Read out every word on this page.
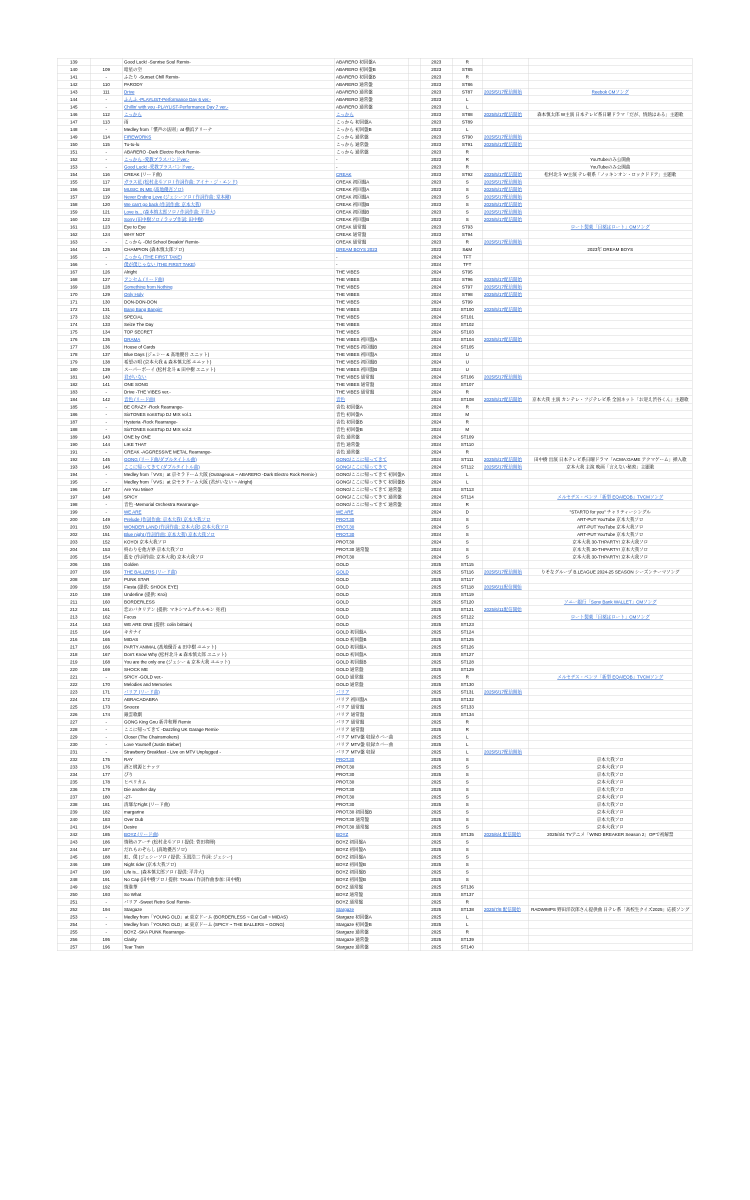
139		Good Luck! -Sunrise Soul Remix-	ABARERO 初回盤A		2023	R		
140	109	暗星の空	ABARERO 初回盤B		2023	ST85		
141	-	ふたり -Sunset Chill Remix-	ABARERO 初回盤B		2023	R		
142	110	PARODY	ABARERO 通常盤		2023	ST86		
143	111	Drive	ABARERO 通常盤		2023	ST87	2025/5/17配信開始	Reebok CMソング
144	-	ふんふ -PLAYLIST-Performance Day 6 ver.-	ABARERO 通常盤		2023	L		
145	-	Chillin' with you -PLAYLIST-Performance Day 7 ver.-	ABARERO 通常盤		2023	L		
146	112	こっから	こっから		2023	ST88	2025/5/17配信開始	森本慎太郎 W主演 日本テレビ系日曜ドラマ「だが、情熱はある」主題歌
147	113	雨	こっから 初回盤A		2023	ST89		
148	-	Medley from「慣声の法則」at 横浜アリーナ	こっから 初回盤B		2023	L		
149	114	FIREWORKS	こっから 通常盤		2023	ST90	2025/5/17配信開始	
150	115	Tu-tu-lu	こっから 通常盤		2023	ST91	2025/5/17配信開始	
151	-	ABARERO -Dark Electro Rock Remix-	こっから 通常盤		2023	R		
152	-	こっから -愛教ブラスバンドver.-	-		2023	R		YouTubeのみ公開曲
153	-	Good Luck! -愛教ブラスバンドver.-	-		2023	R		YouTubeのみ公開曲
154	116	CREAK (リード曲)	CREAK		2023	ST92	2025/5/17配信開始	松村北斗 W主演 テレ朝系「ノッキンオン・ロックドドア」主題歌
155	117	ガラス花 (松村北斗ソロ / 作詞作曲: アイナ・ジ・エンド)	CREAK 初回盤A		2023	S	2025/5/17配信開始	
156	118	MUSIC IN ME (髙地優吾ソロ)	CREAK 初回盤A		2023	S	2025/5/17配信開始	
157	119	Never Ending Love (ジェシーソロ / 作詞作曲: 堂本剛)	CREAK 初回盤A		2023	S	2025/5/17配信開始	
158	120	We can't go back (作詞作曲: 京本大我)	CREAK 初回盤B		2023	S	2025/5/17配信開始	
159	121	Love is... (森本慎太郎ソロ / 作詞作曲: 平井大)	CREAK 初回盤B		2023	S	2025/5/17配信開始	
160	122	Sorry (田中樹ソロ / ラップ作詞: 田中樹)	CREAK 初回盤B		2023	S	2025/5/17配信開始	
161	123	Eye to Eye	CREAK 通常盤		2023	ST93		ロート製薬「目薬はロート」CMソング
162	124	WHY NOT	CREAK 通常盤		2023	ST94		
163	-	こっから -Old School Breakin' Remix-	CREAK 通常盤		2023	R	2025/5/17配信開始	
164	125	CHAMPION (森本慎太郎ソロ)	DREAM BOYS 2023		2023	S&M		2023年 DREAM BOYS
165	-	こっから (THE FIRST TAKE)	-		2024	TFT		
166	-	僕が僕じゃない (THE FIRST TAKE)	-		2024	TFT		
167	126	Alright	THE VIBES		2024	ST95		
168	127	アンセム (リード曲)	THE VIBES		2024	ST96	2025/5/17配信開始	
169	128	Something from Nothing	THE VIBES		2024	ST97	2025/5/17配信開始	
170	129	Only Holy	THE VIBES		2024	ST98	2025/5/17配信開始	
171	130	DON-DON-DON	THE VIBES		2024	ST99		
172	131	Bang Bang Bangin'	THE VIBES		2024	ST100	2025/5/17配信開始	
173	132	SPECIAL	THE VIBES		2024	ST101		
174	133	Seize The Day	THE VIBES		2024	ST102		
175	134	TOP SECRET	THE VIBES		2024	ST103		
176	135	DRAMA	THE VIBES 初回盤A		2024	ST104	2025/5/17配信開始	
177	136	House of Cards	THE VIBES 初回盤B		2024	ST105		
178	137	Blue Days (ジェシー & 髙地優吾 ユニット)	THE VIBES 初回盤A		2024	U		
179	138	希望の唄 (京本大我 & 森本慎太郎 ユニット)	THE VIBES 初回盤B		2024	U		
180	139	スーパーボーイ (松村北斗 & 田中樹 ユニット)	THE VIBES 初回盤B		2024	U		
181	140	君がいない	THE VIBES 通常盤		2024	ST106	2025/5/17配信開始	
182	141	ONE SONG	THE VIBES 通常盤		2024	ST107		
183	-	Drive -THE VIBES ver.-	THE VIBES 通常盤		2024	R		
184	142	音色 (リード曲)	音色		2024	ST108	2025/5/17配信開始	京本大我 主演 カンテレ・フジテレビ系 全国ネット「お迎え渋谷くん」主題歌
185	-	BE CRAZY -Rock Rearrange-	音色 初回盤A		2024	R		
186	-	SixTONES nonSTop DJ MIX vol.1	音色 初回盤A		2024	M		
187	-	Hysteria -Rock Rearrange-	音色 初回盤B		2024	R		
188	-	SixTONES nonSTop DJ MIX vol.2	音色 初回盤B		2024	M		
189	143	ONE by ONE	音色 通常盤		2024	ST109		
190	144	LIKE THAT	音色 通常盤		2024	ST110		
191	-	CREAK -AGGRESSIVE METAL Rearrange-	音色 通常盤		2024	R		
192	145	GONG (リード曲/ダブルタイトル曲)	GONG/ここに帰ってきて		2024	ST111	2025/5/17配信開始	田中樹 出演 日本テレビ系日曜ドラマ「ACMA:GAME アクマゲーム」挿入歌
193	146	ここに帰ってきて (ダブルタイトル曲)	GONG/ここに帰ってきて		2024	ST112	2025/5/17配信開始	京本大我 主演 映画「言えない秘密」主題歌
194	-	Medley from「VVS」at 京セラドーム大阪 (Outrageous ~ ABARERO -Dark Electro Rock Remix-)	GONG/ここに帰ってきて 初回盤A		2024	L		
195	-	Medley from「VVS」at 京セラドーム大阪 (君がいない ~ Alright)	GONG/ここに帰ってきて 初回盤B		2024	L		
196	147	Are You Mine?	GONG/ここに帰ってきて 通常盤		2024	ST113		
197	148	SPICY	GONG/ここに帰ってきて 通常盤		2024	ST114		メルセデス・ベンツ「新型 EQA/EQB」TVCMソング
198	-	音色 -Memorial Orchestra Rearrange-	GONG/ここに帰ってきて 通常盤		2024	R		
199	-	WE ARE	WE ARE		2024	D		"STARTO for you" チャリティーシングル
200	149	Prelude (作詞作曲: 京本大我) 京本大我ソロ	PROT.30		2024	S		ART-PUT YouTube 京本大我ソロ
201	150	WONDER LAND (作詞作曲: 京本大我) 京本大我ソロ	PROT.30		2024	S		ART-PUT YouTube 京本大我ソロ
202	151	Blue night (作詞作曲: 京本大我) 京本大我ソロ	PROT.30		2024	S		ART-PUT YouTube 京本大我ソロ
203	152	KOYOI 京本大我ソロ	PROT.30		2024	S		京本大我 30-THPARTY! 京本大我ソロ
204	153	終わりを他方界 京本大我ソロ	PROT.30 通常盤		2024	S		京本大我 30-THPARTY! 京本大我ソロ
205	154	藍を (作詞作曲: 京本大我) 京本大我ソロ	PROT.30		2024	S		京本大我 30-THPARTY! 京本大我ソロ
206	155	Golden	GOLD		2025	ST115		
207	156	THE BALLERS (リード曲)	GOLD		2025	ST116	2025/5/17配信開始	りそなグループ B.LEAGUE 2024-25 SEASON シーズンテーマソング
208	157	PUNK STAR	GOLD		2025	ST117		
209	158	Fiesta (提供: SHOCK EYE)	GOLD		2025	ST118	2025/6/11配信開始	
210	159	Underline (提供: Kroi)	GOLD		2025	ST119		
211	160	BORDERLESS	GOLD		2025	ST120		ソニー銀行「Sony Bank WALLET」CMソング
212	161	恋のバタリアン (提供: マキシマムザホルモン 亮君)	GOLD		2025	ST121	2025/6/11配信開始	
213	162	Focus	GOLD		2025	ST122		ロート製薬「目薬はロート」CMソング
214	163	WE ARE ONE (提供: colin brittain)	GOLD		2025	ST123		
215	164	キカナイ	GOLD 初回盤A		2025	ST124		
216	165	MIDAS	GOLD 初回盤B		2025	ST125		
217	166	PARTY ANIMAL (髙地優吾 & 田中樹 ユニット)	GOLD 初回盤A		2025	ST126		
218	167	Don't Know Why (松村北斗 & 森本慎太郎 ユニット)	GOLD 初回盤A		2025	ST127		
219	168	You are the only one (ジェシー & 京本大我 ユニット)	GOLD 初回盤B		2025	ST128		
220	169	SHOCK ME	GOLD 通常盤		2025	ST129		
221	-	SPICY -GOLD ver.-	GOLD 通常盤		2025	R		メルセデス・ベンツ「新型 EQA/EQB」TVCMソング
222	170	Melodies and Memories	GOLD 通常盤		2025	ST130		
223	171	バリア (リード曲)	バリア		2025	ST131	2025/6/17配信開始	
224	172	ABRACADABRA	バリア 初回盤A		2025	ST132		
225	173	Snooze	バリア 通常盤		2025	ST133		
226	174	銀雲歌劇	バリア 通常盤		2025	ST134		
227	-	GONG King Gnu 新井和輝 Remix	バリア 通常盤		2025	R		
228	-	ここに帰ってきて -Dazzling UK Garage Remix-	バリア 通常盤		2025	R		
229	-	Closer (The Chainsmokers)	バリア MTV盤 収録カバー曲		2025	L		
230	-	Love Yourself (Justin Bieber)	バリア MTV盤 収録カバー曲		2025	L		
231	-	Strawberry Breakfast - Live on MTV Unplugged -	バリア MTV盤 収録		2025	L	2025/5/17配信開始	
232	175	RAY	PROT.30		2025	S		京本大我ソロ
233	176	酒と桃源とナッツ	PROT.30		2025	S		京本大我ソロ
234	177	ぴり	PROT.30		2025	S		京本大我ソロ
235	178	ヒペリカム	PROT.30		2025	S		京本大我ソロ
236	179	Die another day	PROT.30		2025	S		京本大我ソロ
237	180	-27-	PROT.30		2025	S		京本大我ソロ
238	181	清瑯なFight (リード曲)	PROT.30		2025	S		京本大我ソロ
239	182	margarine	PROT.30 初回盤B		2025	S		京本大我ソロ
240	183	Over Dub	PROT.30 通常盤		2025	S		京本大我ソロ
241	184	Desire	PROT.30 通常盤		2025	S		京本大我ソロ
242	185	BOYZ (リード曲)	BOYZ		2025	ST135	2025/6/4 配信開始	2025/4/4 TVアニメ「WIND BREAKER Season 2」OPで初解禁
243	186	情熱のアーチ (松村北斗ソロ / 提供: 菅田将暉)	BOYZ 初回盤A		2025	S		
244	187	だれものぞらし (髙地優吾ソロ)	BOYZ 初回盤A		2025	S		
245	188	虹、僕 (ジェシーソロ / 提供: 玉置浩二 作詞: ジェシー)	BOYZ 初回盤A		2025	S		
246	189	Night rider (京本大我ソロ)	BOYZ 初回盤B		2025	S		
247	190	Life is... (森本慎太郎ソロ / 提供: 平井大)	BOYZ 初回盤B		2025	S		
248	191	No Cap (田中樹ソロ / 提供: T.Kura / 作詞作曲参加: 田中樹)	BOYZ 初回盤B		2025	S		
249	192	情進華	BOYZ 通常盤		2025	ST136		
250	193	So What	BOYZ 通常盤		2025	ST137		
251	-	バリア -Sweet Retro Soul Remix-	BOYZ 通常盤		2025	R		
252	194	Stargaze	Stargaze		2025	ST138	2025/7/8 配信開始	RADWIMPS 野田洋次郎さん提供曲 日テレ系「高校生クイズ2025」応援ソング
253	-	Medley from「YOUNG OLD」at 東京ドーム (BORDERLESS ~ Cat Call ~ MIDAS)	Stargaze 初回盤A		2025	L		
254	-	Medley from「YOUNG OLD」at 東京ドーム (SPICY ~ THE BALLERS ~ GONG)	Stargaze 初回盤B		2025	L		
255	-	BOYZ -SKA PUNK Rearrange-	Stargaze 通常盤		2025	R		
256	195	Clarity	Stargaze 通常盤		2025	ST139		
257	196	Tear Train	Stargaze 通常盤		2025	ST140		
